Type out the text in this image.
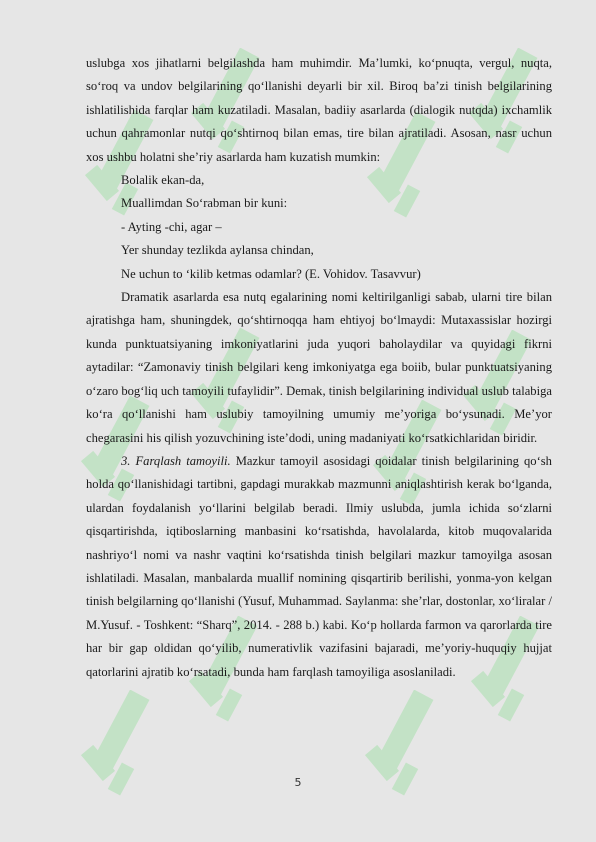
uslubga xos jihatlarni belgilashda ham muhimdir. Ma’lumki, ko‘pnuqta, vergul, nuqta, so‘roq va undov belgilarining qo‘llanishi deyarli bir xil. Biroq ba’zi tinish belgilarining ishlatilishida farqlar ham kuzatiladi. Masalan, badiiy asarlarda (dialogik nutqda) ixchamlik uchun qahramonlar nutqi qo‘shtirnoq bilan emas, tire bilan ajratiladi. Asosan, nasr uchun xos ushbu holatni she’riy asarlarda ham kuzatish mumkin:

Bolalik ekan-da,

Muallimdan So‘rabman bir kuni:

- Ayting -chi, agar –

Yer shunday tezlikda aylansa chindan,

Ne uchun to ‘kilib ketmas odamlar? (E. Vohidov. Tasavvur)

Dramatik asarlarda esa nutq egalarining nomi keltirilganligi sabab, ularni tire bilan ajratishga ham, shuningdek, qo‘shtirnoqqa ham ehtiyoj bo‘lmaydi: Mutaxassislar hozirgi kunda punktuatsiyaning imkoniyatlarini juda yuqori baholaydilar va quyidagi fikrni aytadilar: “Zamonaviy tinish belgilari keng imkoniyatga ega boiib, bular punktuatsiyaning o‘zaro bog‘liq uch tamoyili tufaylidir”. Demak, tinish belgilarining individual uslub talabiga ko‘ra qo‘llanishi ham uslubiy tamoyilning umumiy me’yoriga bo‘ysunadi. Me’yor chegarasini his qilish yozuvchining iste’dodi, uning madaniyati ko‘rsatkichlaridan biridir.

3. Farqlash tamoyili. Mazkur tamoyil asosidagi qoidalar tinish belgilarining qo‘sh holda qo‘llanishidagi tartibni, gapdagi murakkab mazmunni aniqlashtirish kerak bo‘lganda, ulardan foydalanish yo‘llarini belgilab beradi. Ilmiy uslubda, jumla ichida so‘zlarni qisqartirishda, iqtiboslarning manbasini ko‘rsatishda, havolalarda, kitob muqovalarida nashriyo‘l nomi va nashr vaqtini ko‘rsatishda tinish belgilari mazkur tamoyilga asosan ishlatiladi. Masalan, manbalarda muallif nomining qisqartirib berilishi, yonma-yon kelgan tinish belgilarning qo‘llanishi (Yusuf, Muhammad. Saylanma: she’rlar, dostonlar, xo‘liralar / M.Yusuf. - Toshkent: “Sharq”, 2014. - 288 b.) kabi. Ko‘p hollarda farmon va qarorlarda tire har bir gap oldidan qo‘yilib, numerativlik vazifasini bajaradi, me’yoriy-huquqiy hujjat qatorlarini ajratib ko‘rsatadi, bunda ham farqlash tamoyiliga asoslaniladi.

5
